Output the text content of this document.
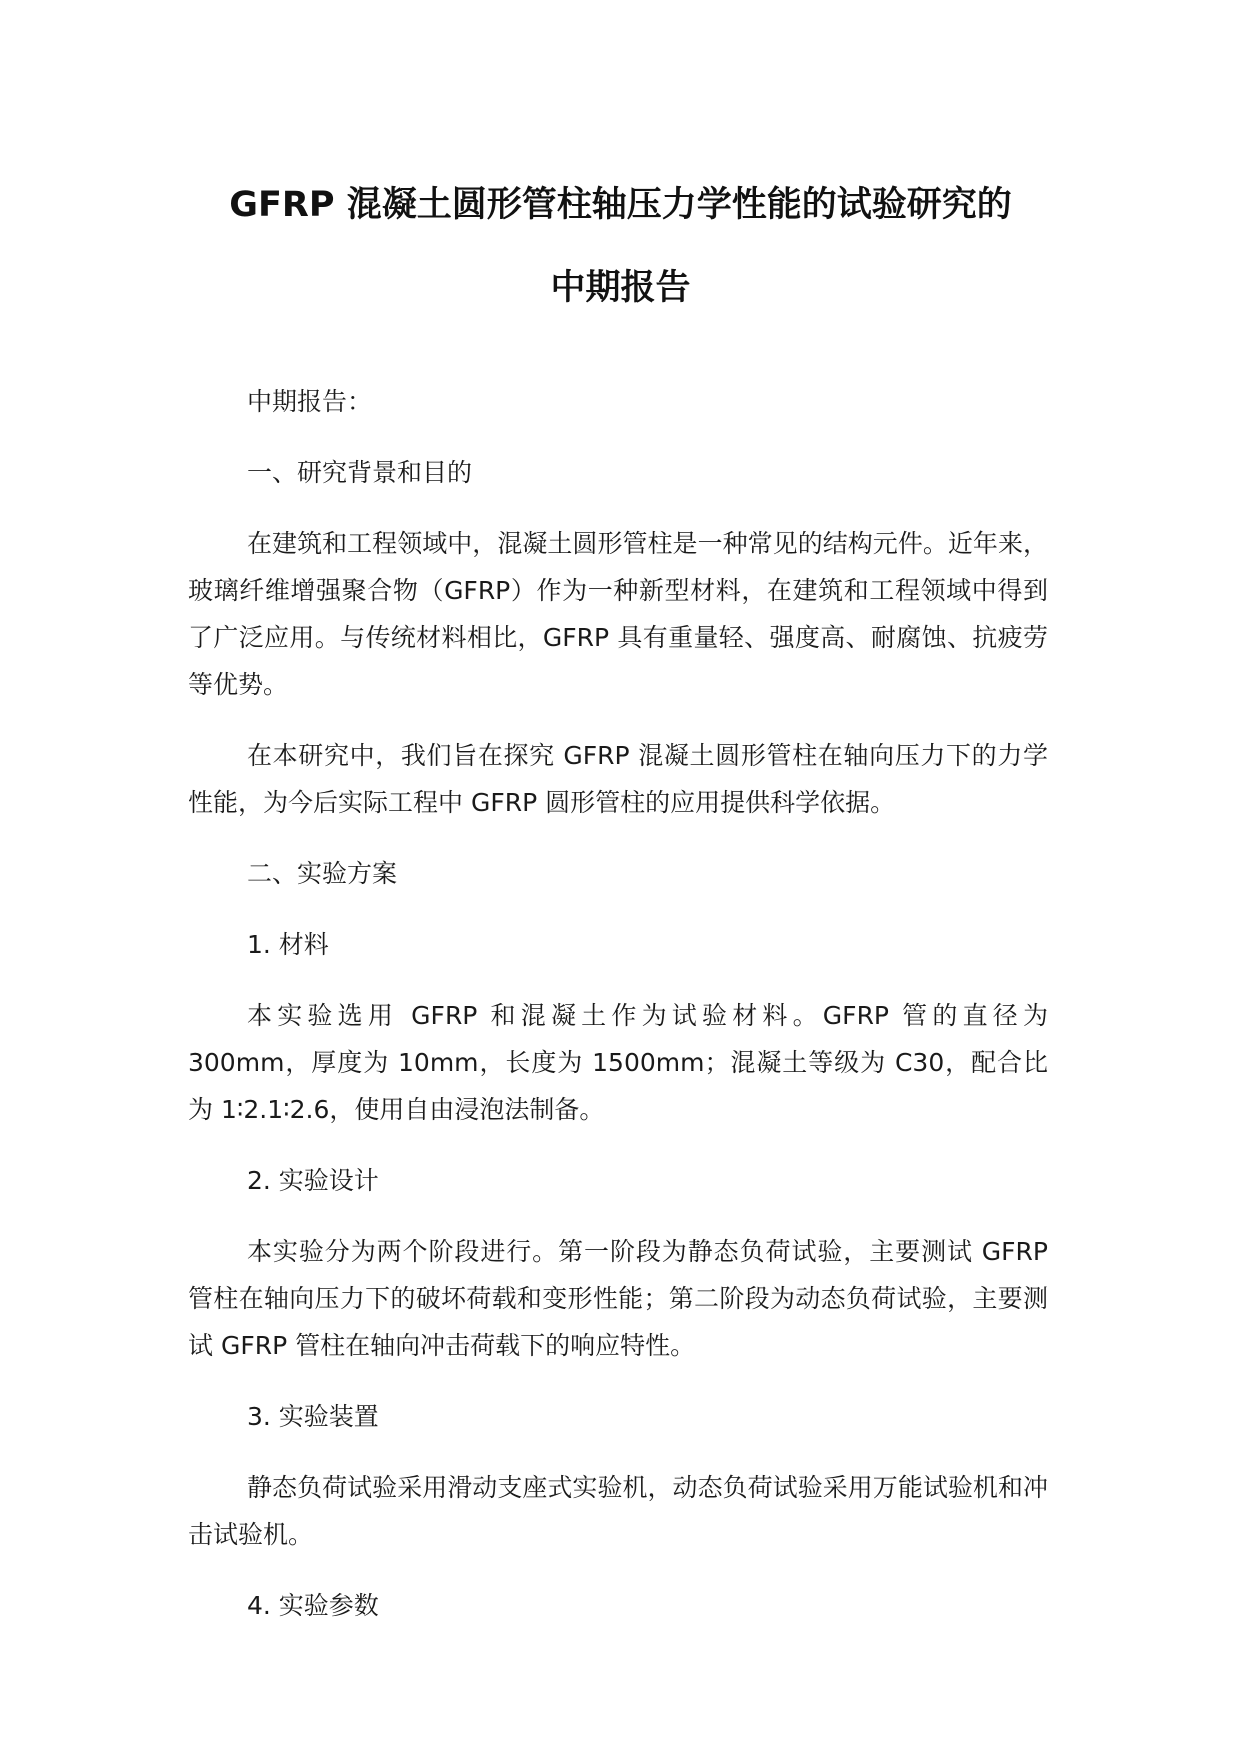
GFRP 混凝土圆形管柱轴压力学性能的试验研究的
中期报告

中期报告：

一、研究背景和目的

在建筑和工程领域中，混凝土圆形管柱是一种常见的结构元件。近年来，玻璃纤维增强聚合物（GFRP）作为一种新型材料，在建筑和工程领域中得到了广泛应用。与传统材料相比，GFRP 具有重量轻、强度高、耐腐蚀、抗疲劳等优势。

在本研究中，我们旨在探究 GFRP 混凝土圆形管柱在轴向压力下的力学性能，为今后实际工程中 GFRP 圆形管柱的应用提供科学依据。

二、实验方案

1. 材料

本实验选用 GFRP 和混凝土作为试验材料。GFRP 管的直径为 300mm，厚度为 10mm，长度为 1500mm；混凝土等级为 C30，配合比为 1∶2.1∶2.6，使用自由浸泡法制备。

2. 实验设计

本实验分为两个阶段进行。第一阶段为静态负荷试验，主要测试 GFRP 管柱在轴向压力下的破坏荷载和变形性能；第二阶段为动态负荷试验，主要测试 GFRP 管柱在轴向冲击荷载下的响应特性。

3. 实验装置

静态负荷试验采用滑动支座式实验机，动态负荷试验采用万能试验机和冲击试验机。

4. 实验参数
